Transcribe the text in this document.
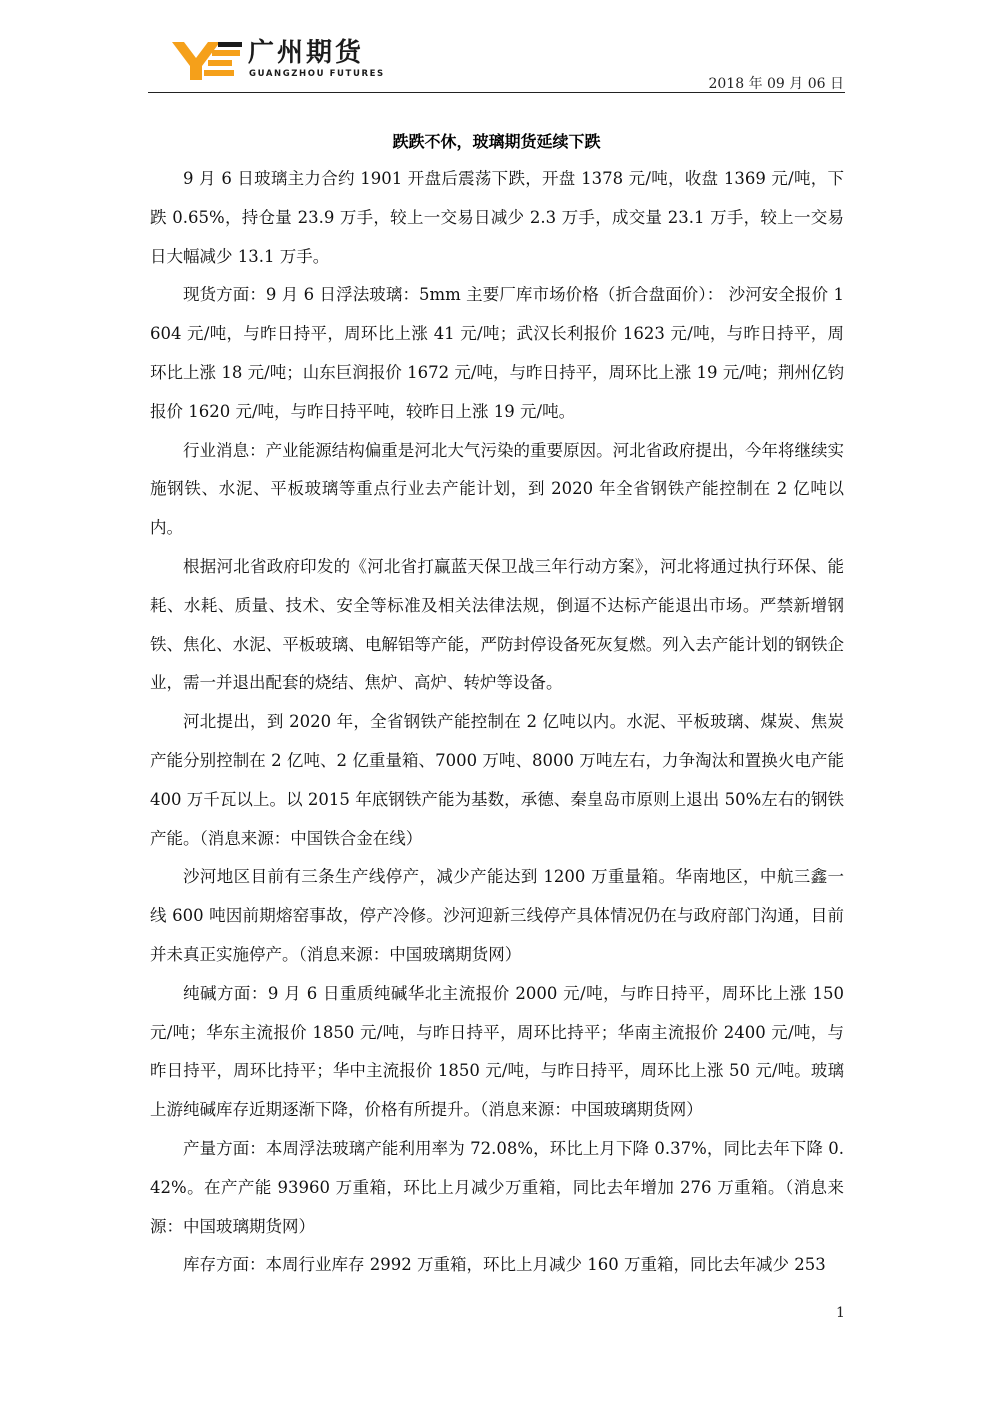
广州期货
GUANGZHOU FUTURES
2018 年 09 月 06 日
跌跌不休，玻璃期货延续下跌

9 月 6 日玻璃主力合约 1901 开盘后震荡下跌，开盘 1378 元/吨，收盘 1369 元/吨，下跌 0.65%，持仓量 23.9 万手，较上一交易日减少 2.3 万手，成交量 23.1 万手，较上一交易日大幅减少 13.1 万手。

现货方面：9 月 6 日浮法玻璃：5mm 主要厂库市场价格（折合盘面价）： 沙河安全报价 1604 元/吨，与昨日持平，周环比上涨 41 元/吨；武汉长利报价 1623 元/吨，与昨日持平，周环比上涨 18 元/吨；山东巨润报价 1672 元/吨，与昨日持平，周环比上涨 19 元/吨；荆州亿钧报价 1620 元/吨，与昨日持平吨，较昨日上涨 19 元/吨。

行业消息：产业能源结构偏重是河北大气污染的重要原因。河北省政府提出，今年将继续实施钢铁、水泥、平板玻璃等重点行业去产能计划，到 2020 年全省钢铁产能控制在 2 亿吨以内。

根据河北省政府印发的《河北省打赢蓝天保卫战三年行动方案》，河北将通过执行环保、能耗、水耗、质量、技术、安全等标准及相关法律法规，倒逼不达标产能退出市场。严禁新增钢铁、焦化、水泥、平板玻璃、电解铝等产能，严防封停设备死灰复燃。列入去产能计划的钢铁企业，需一并退出配套的烧结、焦炉、高炉、转炉等设备。

河北提出，到 2020 年，全省钢铁产能控制在 2 亿吨以内。水泥、平板玻璃、煤炭、焦炭产能分别控制在 2 亿吨、2 亿重量箱、7000 万吨、8000 万吨左右，力争淘汰和置换火电产能 400 万千瓦以上。以 2015 年底钢铁产能为基数，承德、秦皇岛市原则上退出 50%左右的钢铁产能。（消息来源：中国铁合金在线）

沙河地区目前有三条生产线停产，减少产能达到 1200 万重量箱。华南地区，中航三鑫一线 600 吨因前期熔窑事故，停产冷修。沙河迎新三线停产具体情况仍在与政府部门沟通，目前并未真正实施停产。（消息来源：中国玻璃期货网）

纯碱方面：9 月 6 日重质纯碱华北主流报价 2000 元/吨，与昨日持平，周环比上涨 150 元/吨；华东主流报价 1850 元/吨，与昨日持平，周环比持平；华南主流报价 2400 元/吨，与昨日持平，周环比持平；华中主流报价 1850 元/吨，与昨日持平，周环比上涨 50 元/吨。玻璃上游纯碱库存近期逐渐下降，价格有所提升。（消息来源：中国玻璃期货网）

产量方面：本周浮法玻璃产能利用率为 72.08%，环比上月下降 0.37%，同比去年下降 0.42%。在产产能 93960 万重箱，环比上月减少万重箱，同比去年增加 276 万重箱。（消息来源：中国玻璃期货网）

库存方面：本周行业库存 2992 万重箱，环比上月减少 160 万重箱，同比去年减少 253

1
